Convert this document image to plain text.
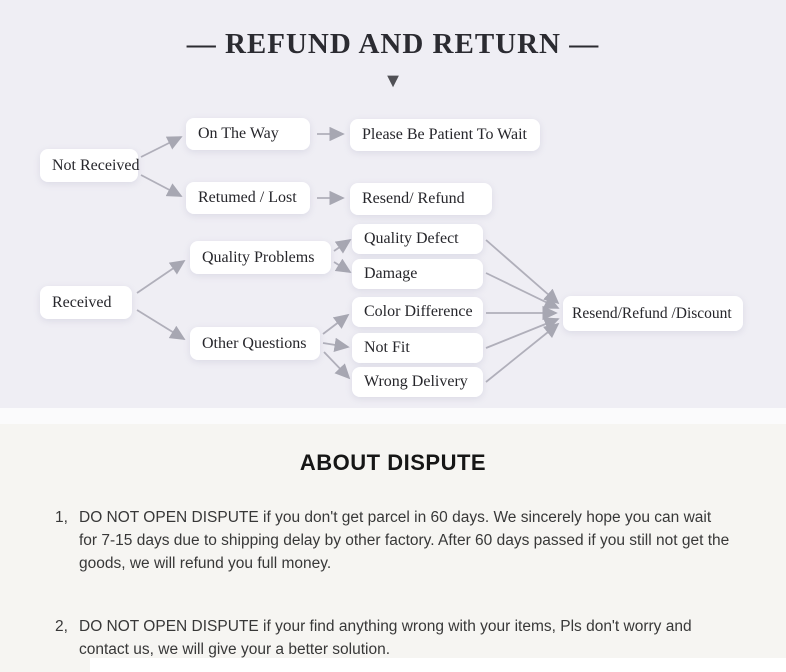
— REFUND AND RETURN —
▼
Not Received
On The Way	Please Be Patient To Wait
Retumed / Lost	Resend/ Refund
Received
Quality Problems
Other Questions
Quality Defect
Damage
Color Difference
Not Fit
Wrong Delivery
Resend/Refund /Discount
ABOUT DISPUTE
1, DO NOT OPEN DISPUTE if you don't get parcel in 60 days. We sincerely hope you can wait for 7-15 days due to shipping delay by other factory. After 60 days passed if you still not get the goods, we will refund you full money.
2, DO NOT OPEN DISPUTE if your find anything wrong with your items, Pls don't worry and contact us, we will give your a better solution.
